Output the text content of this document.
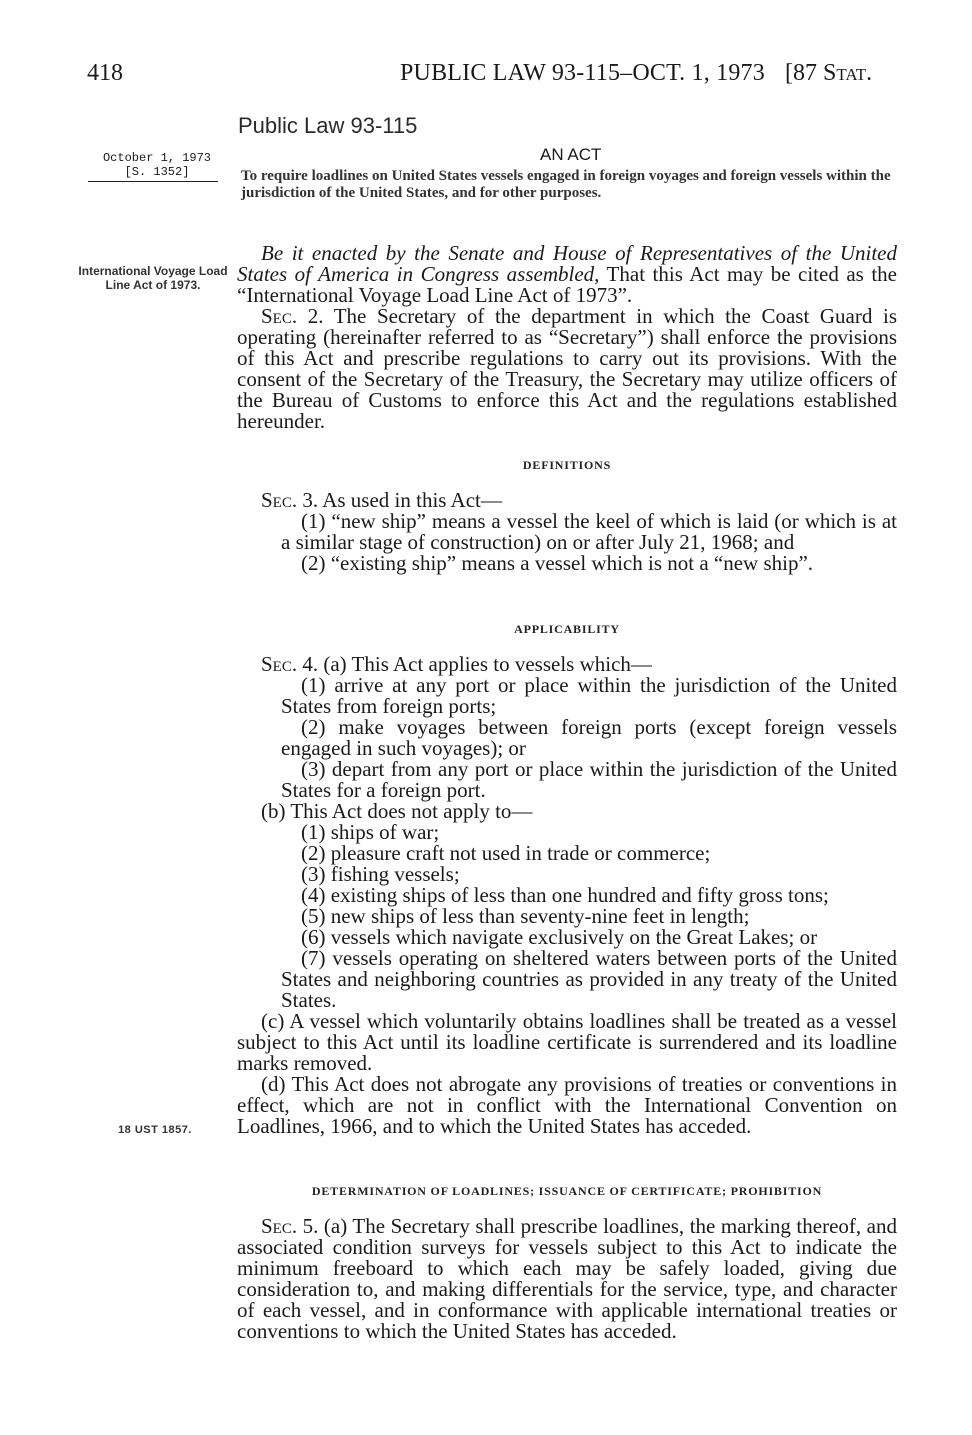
418	PUBLIC LAW 93-115–OCT. 1, 1973 [87 Stat.
Public Law 93-115
October 1, 1973
[S. 1352]
AN ACT
To require loadlines on United States vessels engaged in foreign voyages and foreign vessels within the jurisdiction of the United States, and for other purposes.
International Voyage Load Line Act of 1973.
18 UST 1857.

Be it enacted by the Senate and House of Representatives of the United States of America in Congress assembled, That this Act may be cited as the “International Voyage Load Line Act of 1973”.

Sec. 2. The Secretary of the department in which the Coast Guard is operating (hereinafter referred to as “Secretary”) shall enforce the provisions of this Act and prescribe regulations to carry out its provisions. With the consent of the Secretary of the Treasury, the Secretary may utilize officers of the Bureau of Customs to enforce this Act and the regulations established hereunder.

DEFINITIONS

Sec. 3. As used in this Act—

(1) “new ship” means a vessel the keel of which is laid (or which is at a similar stage of construction) on or after July 21, 1968; and

(2) “existing ship” means a vessel which is not a “new ship”.

APPLICABILITY

Sec. 4. (a) This Act applies to vessels which—

(1) arrive at any port or place within the jurisdiction of the United States from foreign ports;

(2) make voyages between foreign ports (except foreign vessels engaged in such voyages); or

(3) depart from any port or place within the jurisdiction of the United States for a foreign port.

(b) This Act does not apply to—

(1) ships of war;

(2) pleasure craft not used in trade or commerce;

(3) fishing vessels;

(4) existing ships of less than one hundred and fifty gross tons;

(5) new ships of less than seventy-nine feet in length;

(6) vessels which navigate exclusively on the Great Lakes; or

(7) vessels operating on sheltered waters between ports of the United States and neighboring countries as provided in any treaty of the United States.

(c) A vessel which voluntarily obtains loadlines shall be treated as a vessel subject to this Act until its loadline certificate is surrendered and its loadline marks removed.

(d) This Act does not abrogate any provisions of treaties or conventions in effect, which are not in conflict with the International Convention on Loadlines, 1966, and to which the United States has acceded.

DETERMINATION OF LOADLINES; ISSUANCE OF CERTIFICATE; PROHIBITION

Sec. 5. (a) The Secretary shall prescribe loadlines, the marking thereof, and associated condition surveys for vessels subject to this Act to indicate the minimum freeboard to which each may be safely loaded, giving due consideration to, and making differentials for the service, type, and character of each vessel, and in conformance with applicable international treaties or conventions to which the United States has acceded.
